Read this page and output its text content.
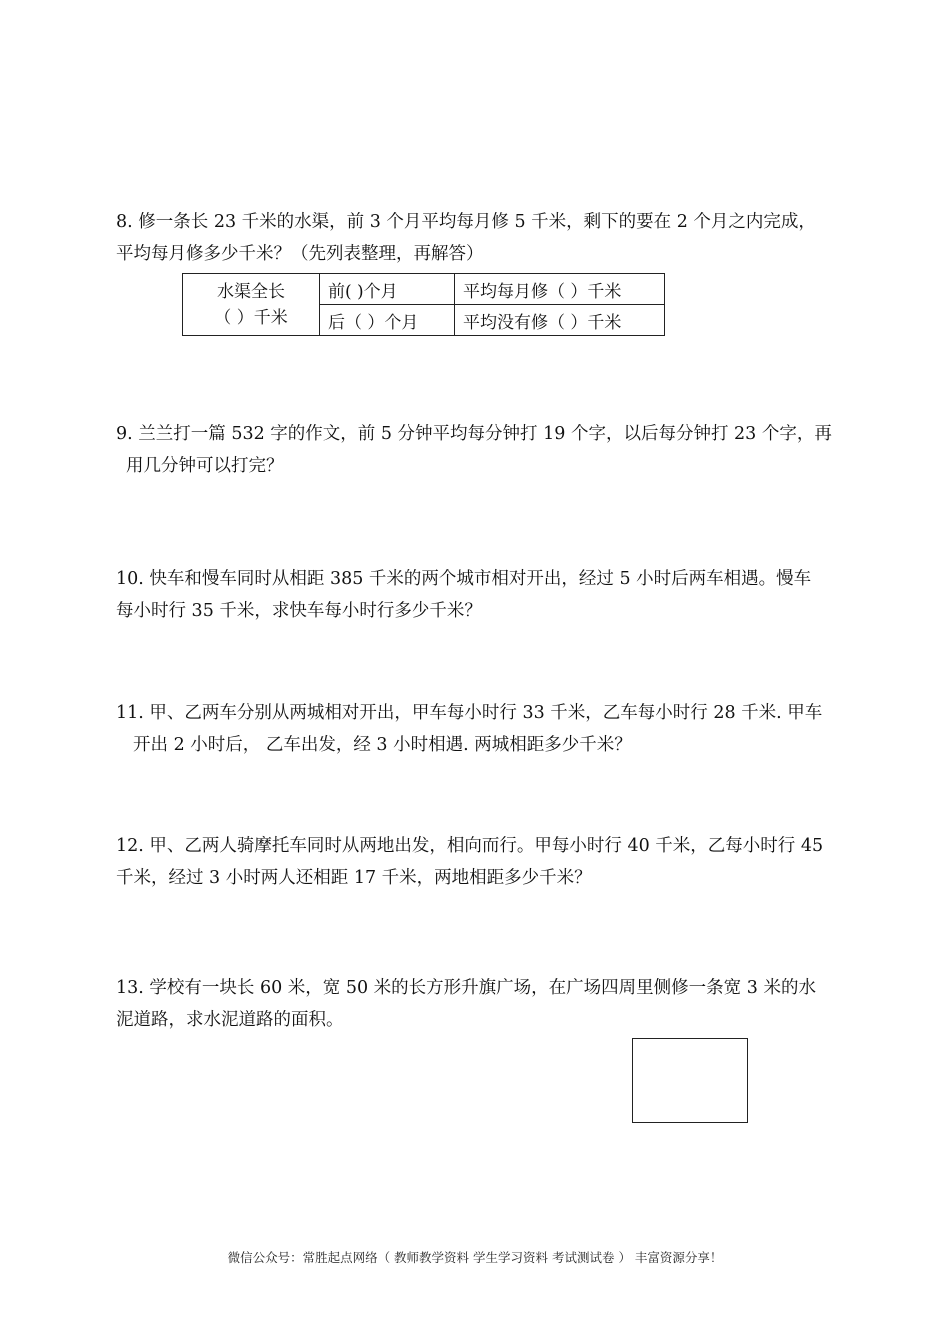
8. 修一条长 23 千米的水渠，前 3 个月平均每月修 5 千米，剩下的要在 2 个月之内完成，
平均每月修多少千米？（先列表整理，再解答）

水渠全长
（ ）千米	前( )个月	平均每月修（ ）千米
	后（ ）个月	平均没有修（ ）千米

9. 兰兰打一篇 532 字的作文，前 5 分钟平均每分钟打 19 个字，以后每分钟打 23 个字，再
用几分钟可以打完？

10. 快车和慢车同时从相距 385 千米的两个城市相对开出，经过 5 小时后两车相遇。慢车
每小时行 35 千米，求快车每小时行多少千米？

11. 甲、乙两车分别从两城相对开出，甲车每小时行 33 千米，乙车每小时行 28 千米. 甲车
开出 2 小时后， 乙车出发，经 3 小时相遇. 两城相距多少千米？

12. 甲、乙两人骑摩托车同时从两地出发，相向而行。甲每小时行 40 千米，乙每小时行 45
千米，经过 3 小时两人还相距 17 千米，两地相距多少千米？

13. 学校有一块长 60 米，宽 50 米的长方形升旗广场，在广场四周里侧修一条宽 3 米的水
泥道路，求水泥道路的面积。

微信公众号：常胜起点网络（ 教师教学资料 学生学习资料 考试测试卷 ） 丰富资源分享！
